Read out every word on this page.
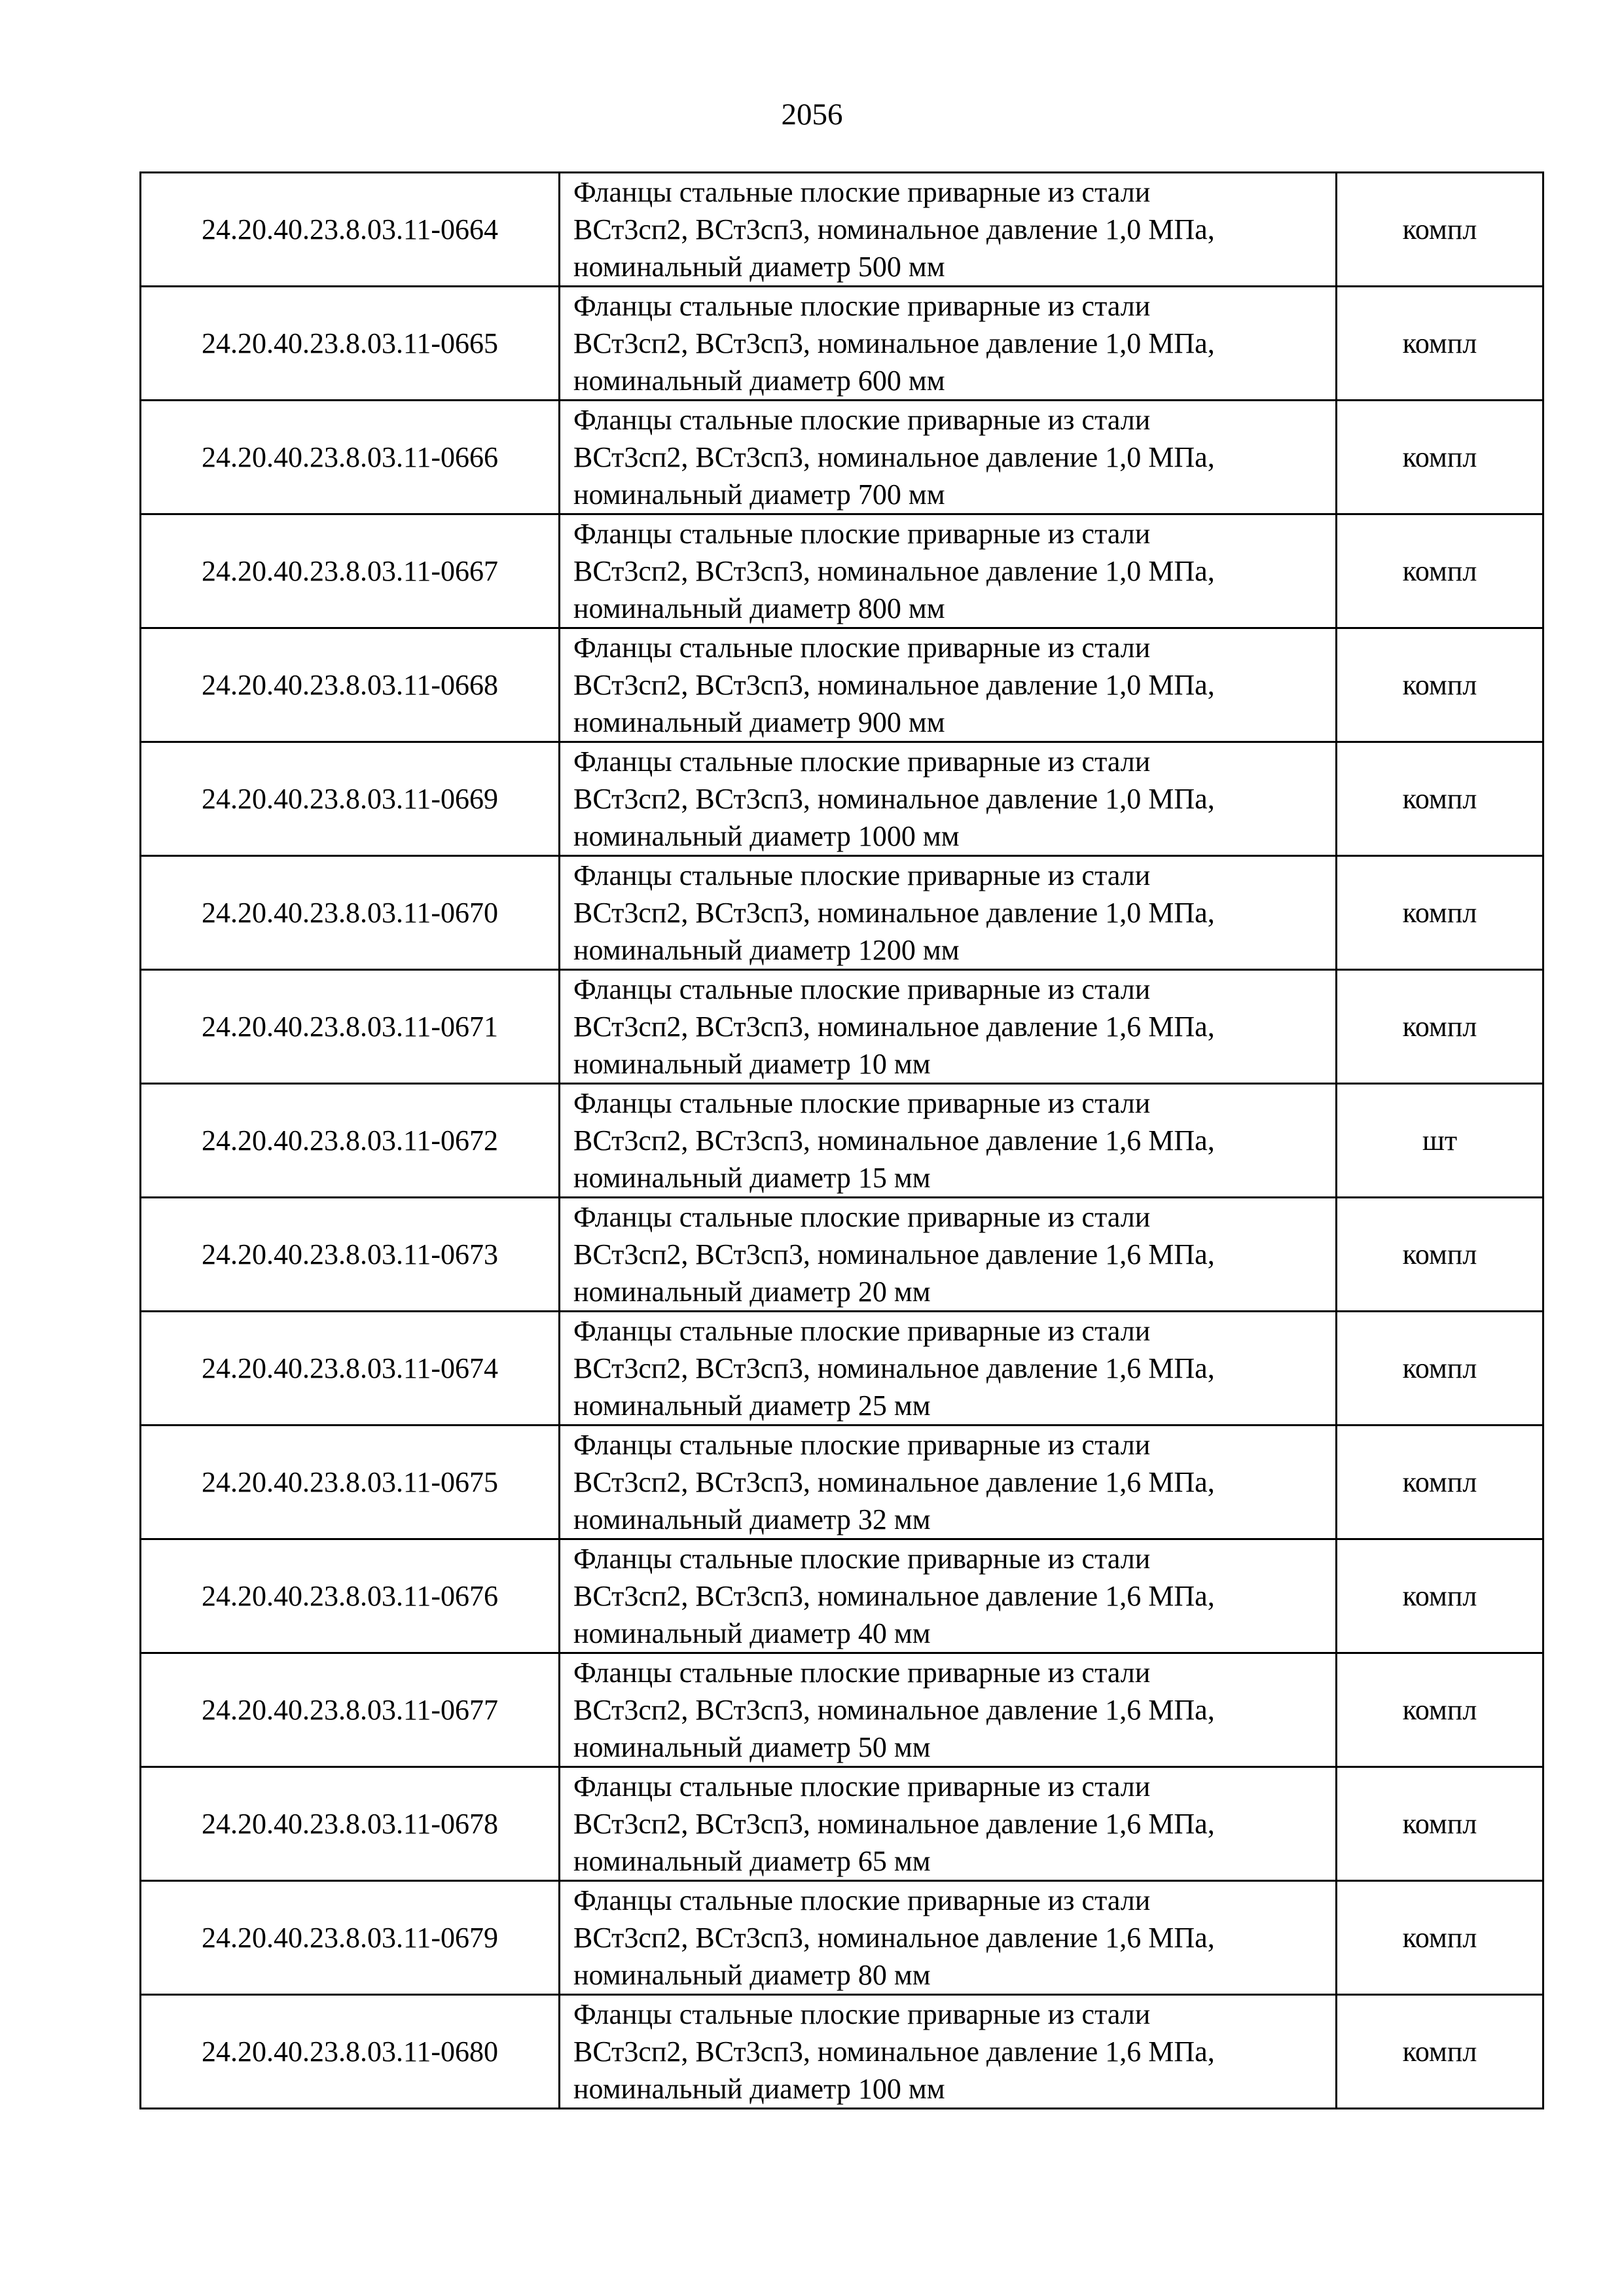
2056
24.20.40.23.8.03.11-0664	Фланцы стальные плоские приварные из стали
ВСт3сп2, ВСт3сп3, номинальное давление 1,0 МПа,
номинальный диаметр 500 мм	компл
24.20.40.23.8.03.11-0665	Фланцы стальные плоские приварные из стали
ВСт3сп2, ВСт3сп3, номинальное давление 1,0 МПа,
номинальный диаметр 600 мм	компл
24.20.40.23.8.03.11-0666	Фланцы стальные плоские приварные из стали
ВСт3сп2, ВСт3сп3, номинальное давление 1,0 МПа,
номинальный диаметр 700 мм	компл
24.20.40.23.8.03.11-0667	Фланцы стальные плоские приварные из стали
ВСт3сп2, ВСт3сп3, номинальное давление 1,0 МПа,
номинальный диаметр 800 мм	компл
24.20.40.23.8.03.11-0668	Фланцы стальные плоские приварные из стали
ВСт3сп2, ВСт3сп3, номинальное давление 1,0 МПа,
номинальный диаметр 900 мм	компл
24.20.40.23.8.03.11-0669	Фланцы стальные плоские приварные из стали
ВСт3сп2, ВСт3сп3, номинальное давление 1,0 МПа,
номинальный диаметр 1000 мм	компл
24.20.40.23.8.03.11-0670	Фланцы стальные плоские приварные из стали
ВСт3сп2, ВСт3сп3, номинальное давление 1,0 МПа,
номинальный диаметр 1200 мм	компл
24.20.40.23.8.03.11-0671	Фланцы стальные плоские приварные из стали
ВСт3сп2, ВСт3сп3, номинальное давление 1,6 МПа,
номинальный диаметр 10 мм	компл
24.20.40.23.8.03.11-0672	Фланцы стальные плоские приварные из стали
ВСт3сп2, ВСт3сп3, номинальное давление 1,6 МПа,
номинальный диаметр 15 мм	шт
24.20.40.23.8.03.11-0673	Фланцы стальные плоские приварные из стали
ВСт3сп2, ВСт3сп3, номинальное давление 1,6 МПа,
номинальный диаметр 20 мм	компл
24.20.40.23.8.03.11-0674	Фланцы стальные плоские приварные из стали
ВСт3сп2, ВСт3сп3, номинальное давление 1,6 МПа,
номинальный диаметр 25 мм	компл
24.20.40.23.8.03.11-0675	Фланцы стальные плоские приварные из стали
ВСт3сп2, ВСт3сп3, номинальное давление 1,6 МПа,
номинальный диаметр 32 мм	компл
24.20.40.23.8.03.11-0676	Фланцы стальные плоские приварные из стали
ВСт3сп2, ВСт3сп3, номинальное давление 1,6 МПа,
номинальный диаметр 40 мм	компл
24.20.40.23.8.03.11-0677	Фланцы стальные плоские приварные из стали
ВСт3сп2, ВСт3сп3, номинальное давление 1,6 МПа,
номинальный диаметр 50 мм	компл
24.20.40.23.8.03.11-0678	Фланцы стальные плоские приварные из стали
ВСт3сп2, ВСт3сп3, номинальное давление 1,6 МПа,
номинальный диаметр 65 мм	компл
24.20.40.23.8.03.11-0679	Фланцы стальные плоские приварные из стали
ВСт3сп2, ВСт3сп3, номинальное давление 1,6 МПа,
номинальный диаметр 80 мм	компл
24.20.40.23.8.03.11-0680	Фланцы стальные плоские приварные из стали
ВСт3сп2, ВСт3сп3, номинальное давление 1,6 МПа,
номинальный диаметр 100 мм	компл
